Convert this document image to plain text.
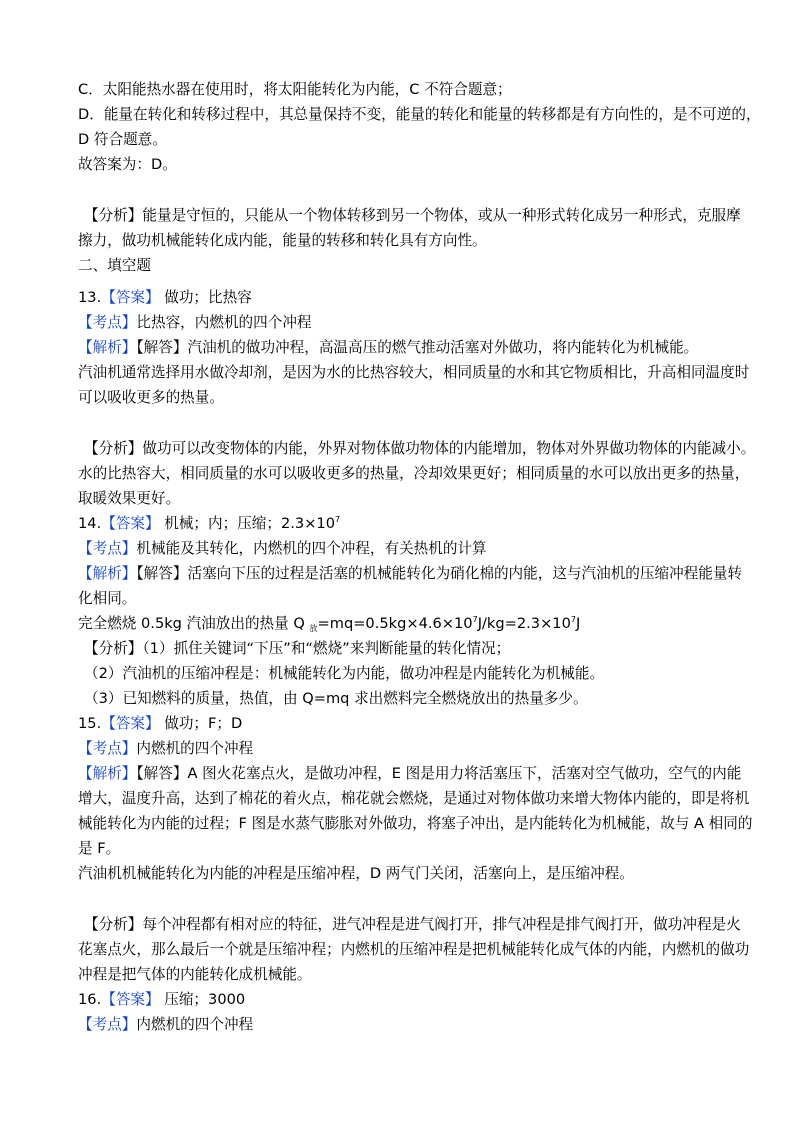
C．太阳能热水器在使用时，将太阳能转化为内能，C 不符合题意；
D．能量在转化和转移过程中，其总量保持不变，能量的转化和能量的转移都是有方向性的，是不可逆的，
D 符合题意。
故答案为：D。
【分析】能量是守恒的，只能从一个物体转移到另一个物体，或从一种形式转化成另一种形式，克服摩
擦力，做功机械能转化成内能，能量的转移和转化具有方向性。
二、填空题
13.【答案】 做功；比热容
【考点】比热容，内燃机的四个冲程
【解析】【解答】汽油机的做功冲程，高温高压的燃气推动活塞对外做功，将内能转化为机械能。
汽油机通常选择用水做冷却剂，是因为水的比热容较大，相同质量的水和其它物质相比，升高相同温度时
可以吸收更多的热量。
【分析】做功可以改变物体的内能，外界对物体做功物体的内能增加，物体对外界做功物体的内能减小。
水的比热容大，相同质量的水可以吸收更多的热量，冷却效果更好；相同质量的水可以放出更多的热量，
取暖效果更好。
14.【答案】 机械；内；压缩；$2.3\times 10^7$
【考点】机械能及其转化，内燃机的四个冲程，有关热机的计算
【解析】【解答】活塞向下压的过程是活塞的机械能转化为硝化棉的内能，这与汽油机的压缩冲程能量转
化相同。
完全燃烧 0.5kg 汽油放出的热量 Q $_放=mq=0.5kg\times 4.6\times 10^7J/kg=2.3\times 10^7J$
【分析】（1）抓住关键词“下压”和“燃烧”来判断能量的转化情况；
（2）汽油机的压缩冲程是：机械能转化为内能，做功冲程是内能转化为机械能。
（3）已知燃料的质量，热值，由 Q=mq 求出燃料完全燃烧放出的热量多少。
15.【答案】 做功；F；D
【考点】内燃机的四个冲程
【解析】【解答】A 图火花塞点火，是做功冲程，E 图是用力将活塞压下，活塞对空气做功，空气的内能
增大，温度升高，达到了棉花的着火点，棉花就会燃烧，是通过对物体做功来增大物体内能的，即是将机
械能转化为内能的过程；F 图是水蒸气膨胀对外做功，将塞子冲出，是内能转化为机械能，故与 A 相同的
是 F。
汽油机机械能转化为内能的冲程是压缩冲程，D 两气门关闭，活塞向上，是压缩冲程。
【分析】每个冲程都有相对应的特征，进气冲程是进气阀打开，排气冲程是排气阀打开，做功冲程是火
花塞点火，那么最后一个就是压缩冲程；内燃机的压缩冲程是把机械能转化成气体的内能，内燃机的做功
冲程是把气体的内能转化成机械能。
16.【答案】 压缩；3000
【考点】内燃机的四个冲程
